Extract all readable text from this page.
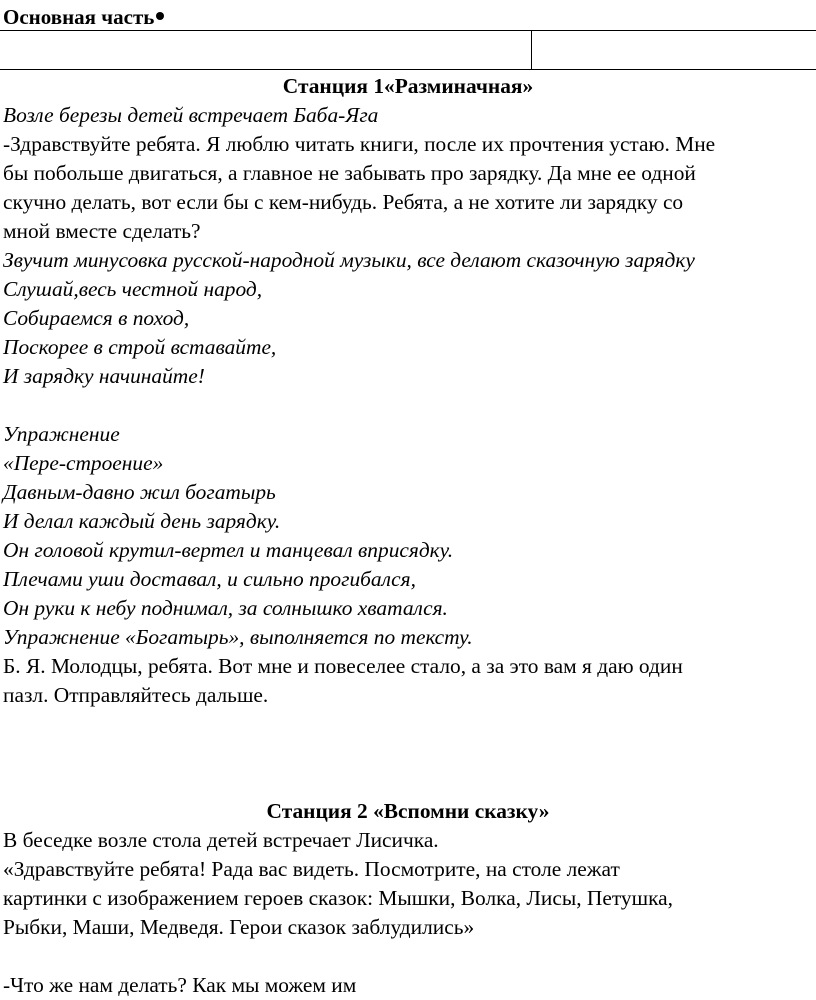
Основная часть

Станция 1«Разминачная»

Возле березы детей встречает Баба-Яга

-Здравствуйте ребята. Я люблю читать книги, после их прочтения устаю. Мне

бы побольше двигаться, а главное не забывать про зарядку. Да мне ее одной

скучно делать, вот если бы с кем-нибудь. Ребята, а не хотите ли зарядку со

мной вместе сделать?

Звучит минусовка русской-народной музыки, все делают сказочную зарядку

Слушай,весь честной народ,

Собираемся в поход,

Поскорее в строй вставайте,

И зарядку начинайте!

Упражнение

«Пере-строение»

Давным-давно жил богатырь

И делал каждый день зарядку.

Он головой крутил-вертел и танцевал вприсядку.

Плечами уши доставал, и сильно прогибался,

Он руки к небу поднимал, за солнышко хватался.

Упражнение «Богатырь», выполняется по тексту.

Б. Я. Молодцы, ребята. Вот мне и повеселее стало, а за это вам я даю один

пазл. Отправляйтесь дальше.

Станция 2 «Вспомни сказку»

В беседке возле стола детей встречает Лисичка.

«Здравствуйте ребята! Рада вас видеть. Посмотрите, на столе лежат

картинки с изображением героев сказок: Мышки, Волка, Лисы, Петушка,

Рыбки, Маши, Медведя. Герои сказок заблудились»

-Что же нам делать? Как мы можем им
